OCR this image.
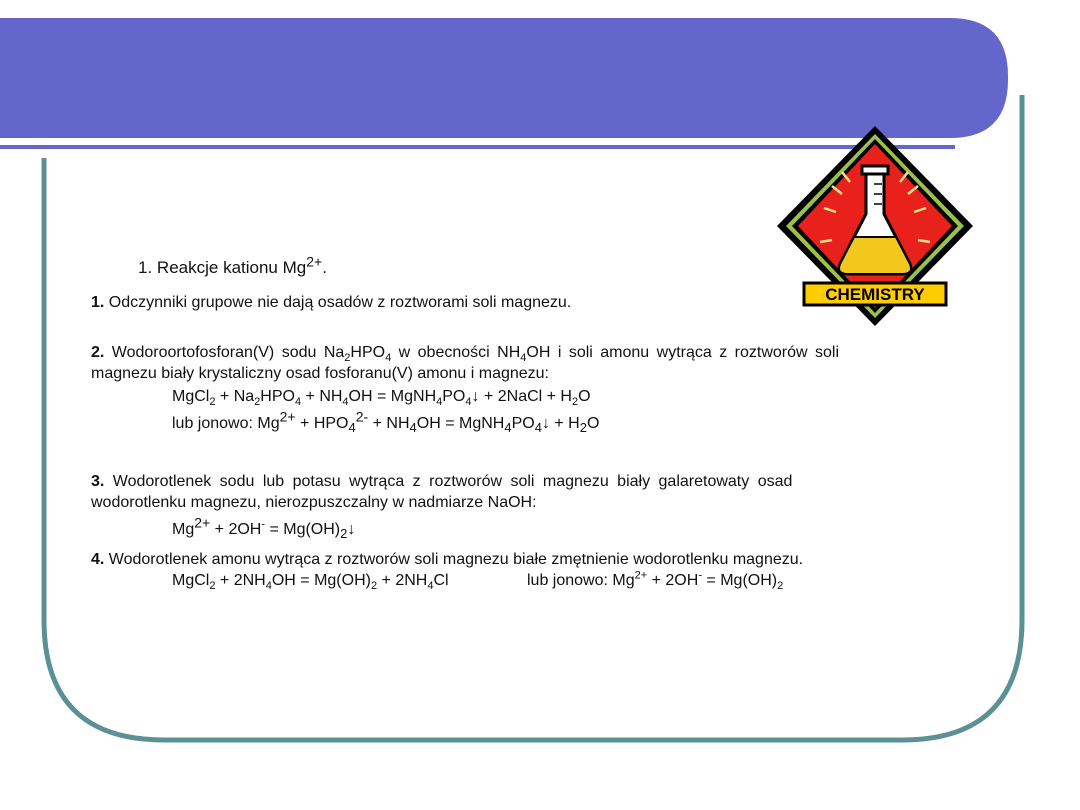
CHEMISTRY
1. Reakcje kationu $Mg^{2+}$.
1. Odczynniki grupowe nie dają osadów z roztworami soli magnezu.
2. Wodoroortofosforan(V) sodu $Na_2HPO_4$ w obecności $NH_4OH$ i soli amonu wytrąca z roztworów soli
magnezu biały krystaliczny osad fosforanu(V) amonu i magnezu:
MgCl$_2$ + $Na_2HPO_4 + NH_4OH$ = $MgNH_4PO_4↓$ + 2NaCl + $H_2O$
lub jonowo: $Mg2+ + HPO_42- + NH_4OH$ = $MgNH_4PO_4↓ + H_2O$
3. Wodorotlenek sodu lub potasu wytrąca z roztworów soli magnezu biały galaretowaty osad
wodorotlenku magnezu, nierozpuszczalny w nadmiarze NaOH:
$Mg2+ + 2OH^- = Mg(OH)_2↓$
4. Wodorotlenek amonu wytrąca z roztworów soli magnezu białe zmętnienie wodorotlenku magnezu.
MgCl$_2$ + $2NH_4OH = Mg(OH)_2 + 2NH_4Cl$	lub jonowo: $Mg^{2+} + 2OH^- = Mg(OH)_2$
